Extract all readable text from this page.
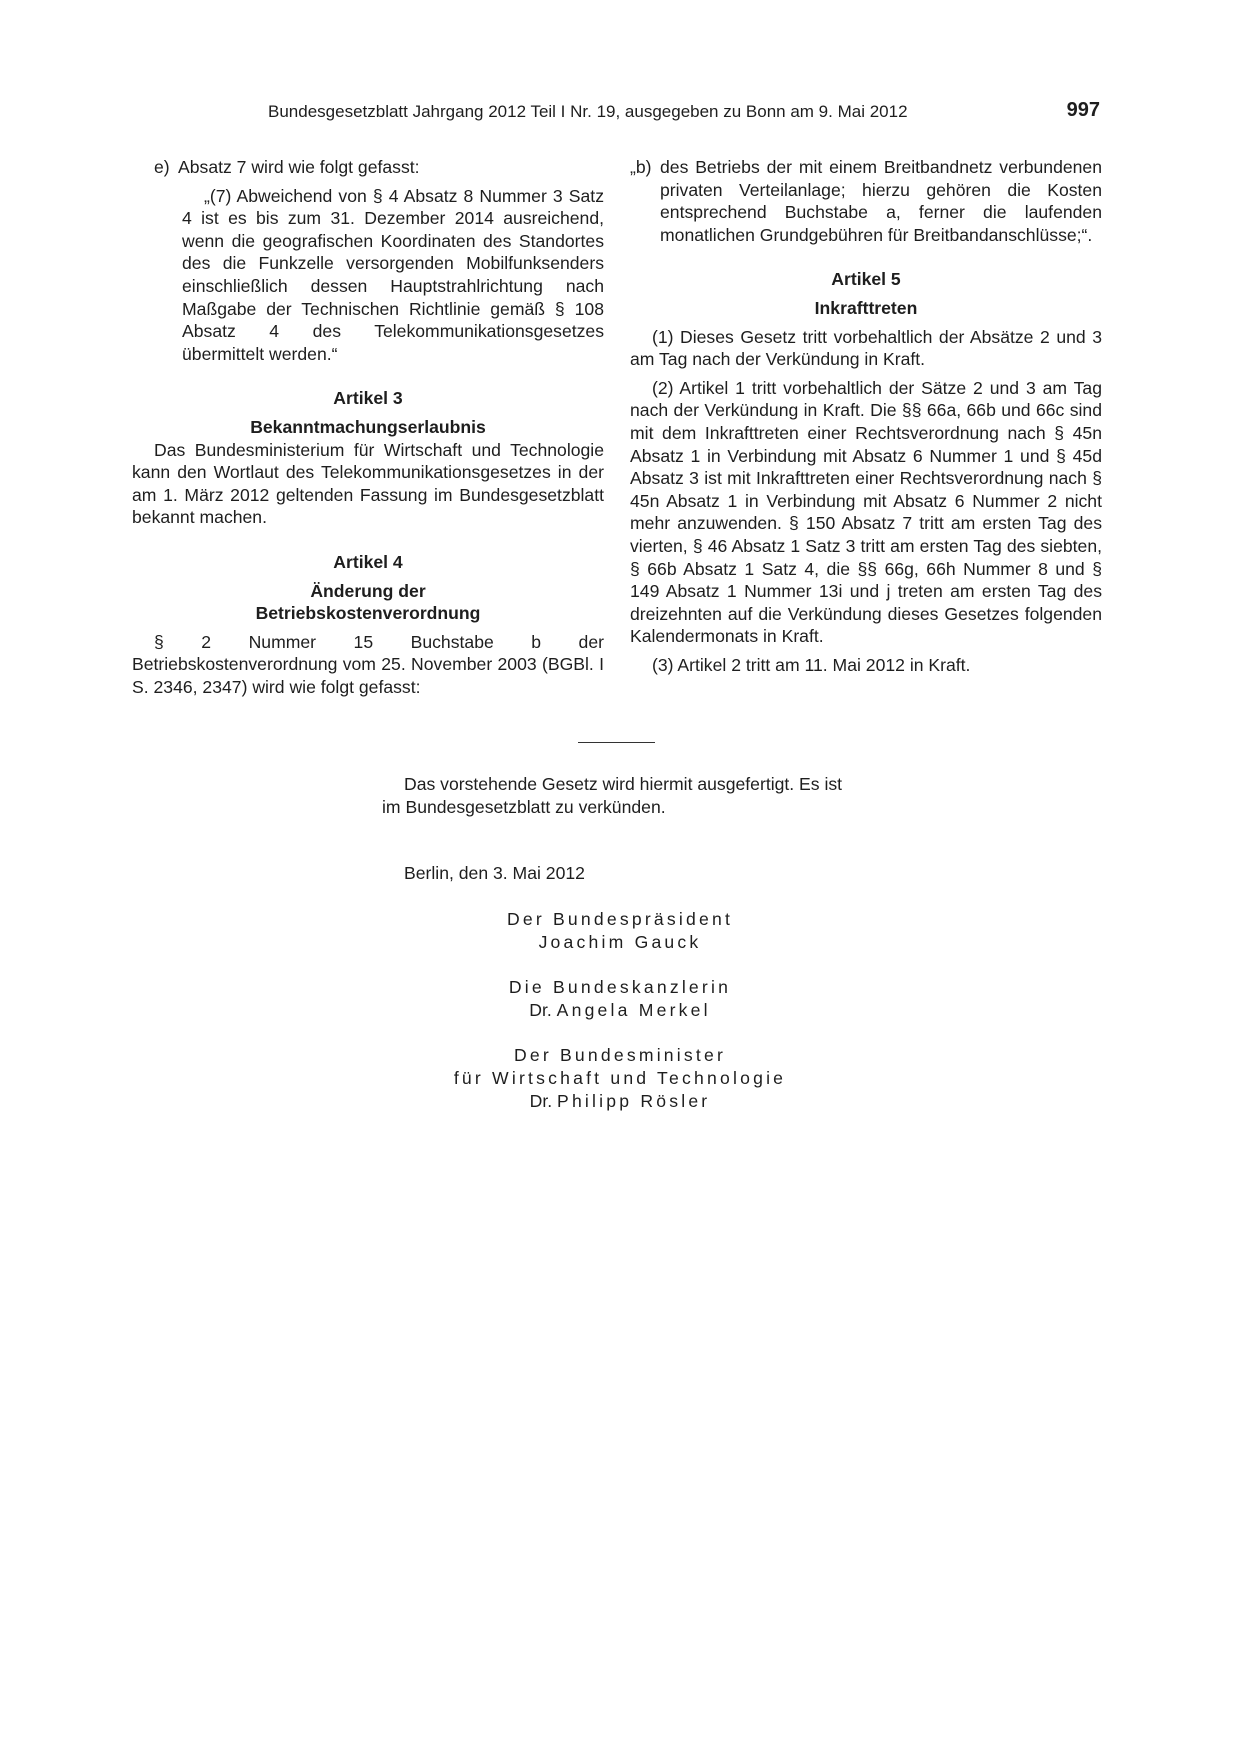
Bundesgesetzblatt Jahrgang 2012 Teil I Nr. 19, ausgegeben zu Bonn am 9. Mai 2012	997
e) Absatz 7 wird wie folgt gefasst:

„(7) Abweichend von § 4 Absatz 8 Nummer 3 Satz 4 ist es bis zum 31. Dezember 2014 ausreichend, wenn die geografischen Koordinaten des Standortes des die Funkzelle versorgenden Mobilfunksenders einschließlich dessen Hauptstrahlrichtung nach Maßgabe der Technischen Richtlinie gemäß § 108 Absatz 4 des Telekommunikationsgesetzes übermittelt werden.“

Artikel 3

Bekanntmachungserlaubnis

Das Bundesministerium für Wirtschaft und Technologie kann den Wortlaut des Telekommunikationsgesetzes in der am 1. März 2012 geltenden Fassung im Bundesgesetzblatt bekannt machen.

Artikel 4

Änderung der

Betriebskostenverordnung

§ 2 Nummer 15 Buchstabe b der Betriebskostenverordnung vom 25. November 2003 (BGBl. I S. 2346, 2347) wird wie folgt gefasst:

„b) des Betriebs der mit einem Breitbandnetz verbundenen privaten Verteilanlage; hierzu gehören die Kosten entsprechend Buchstabe a, ferner die laufenden monatlichen Grundgebühren für Breitbandanschlüsse;“.

Artikel 5

Inkrafttreten

(1) Dieses Gesetz tritt vorbehaltlich der Absätze 2 und 3 am Tag nach der Verkündung in Kraft.

(2) Artikel 1 tritt vorbehaltlich der Sätze 2 und 3 am Tag nach der Verkündung in Kraft. Die §§ 66a, 66b und 66c sind mit dem Inkrafttreten einer Rechtsverordnung nach § 45n Absatz 1 in Verbindung mit Absatz 6 Nummer 1 und § 45d Absatz 3 ist mit Inkrafttreten einer Rechtsverordnung nach § 45n Absatz 1 in Verbindung mit Absatz 6 Nummer 2 nicht mehr anzuwenden. § 150 Absatz 7 tritt am ersten Tag des vierten, § 46 Absatz 1 Satz 3 tritt am ersten Tag des siebten, § 66b Absatz 1 Satz 4, die §§ 66g, 66h Nummer 8 und § 149 Absatz 1 Nummer 13i und j treten am ersten Tag des dreizehnten auf die Verkündung dieses Gesetzes folgenden Kalendermonats in Kraft.

(3) Artikel 2 tritt am 11. Mai 2012 in Kraft.

Das vorstehende Gesetz wird hiermit ausgefertigt. Es ist im Bundesgesetzblatt zu verkünden.

Berlin, den 3. Mai 2012
Der Bundespräsident
Joachim Gauck
Die Bundeskanzlerin
Dr. Angela Merkel
Der Bundesminister
für Wirtschaft und Technologie
Dr. Philipp Rösler
